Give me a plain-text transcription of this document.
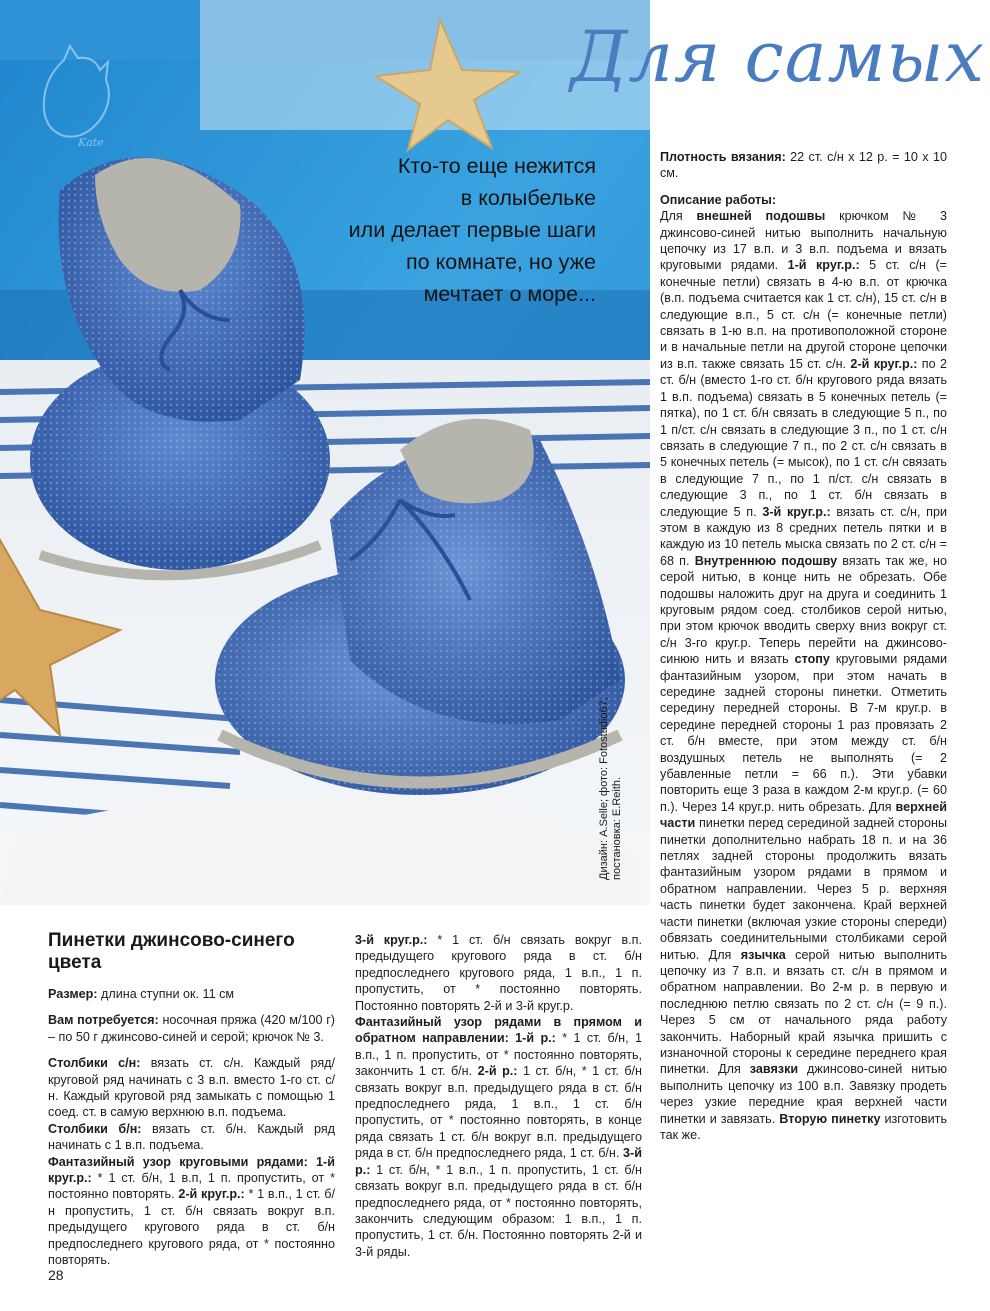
Kate
Для самых
Кто-то еще нежится
в колыбельке
или делает первые шаги
по комнате, но уже
мечтает о море...
Дизайн: A.Selle; фото: Fotostudio67; постановка: E.Reith.

Пинетки джинсово-синего цвета

Размер: длина ступни ок. 11 см

Вам потребуется: носочная пряжа (420 м/100 г) – по 50 г джинсово-синей и серой; крючок № 3.

Столбики с/н: вязать ст. с/н. Каждый ряд/круговой ряд начинать с 3 в.п. вместо 1-го ст. с/н. Каждый круговой ряд замыкать с помощью 1 соед. ст. в самую верхнюю в.п. подъема.

Столбики б/н: вязать ст. б/н. Каждый ряд начинать с 1 в.п. подъема.

Фантазийный узор круговыми рядами: 1-й круг.р.: * 1 ст. б/н, 1 в.п, 1 п. пропустить, от * постоянно повторять. 2-й круг.р.: * 1 в.п., 1 ст. б/н пропустить, 1 ст. б/н связать вокруг в.п. предыдущего кругового ряда в ст. б/н предпоследнего кругового ряда, от * постоянно повторять.

3-й круг.р.: * 1 ст. б/н связать вокруг в.п. предыдущего кругового ряда в ст. б/н предпоследнего кругового ряда, 1 в.п., 1 п. пропустить, от * постоянно повторять. Постоянно повторять 2-й и 3-й круг.р.

Фантазийный узор рядами в прямом и обратном направлении: 1-й р.: * 1 ст. б/н, 1 в.п., 1 п. пропустить, от * постоянно повторять, закончить 1 ст. б/н. 2-й р.: 1 ст. б/н, * 1 ст. б/н связать вокруг в.п. предыдущего ряда в ст. б/н предпоследнего ряда, 1 в.п., 1 ст. б/н пропустить, от * постоянно повторять, в конце ряда связать 1 ст. б/н вокруг в.п. предыдущего ряда в ст. б/н предпоследнего ряда, 1 ст. б/н. 3-й р.: 1 ст. б/н, * 1 в.п., 1 п. пропустить, 1 ст. б/н связать вокруг в.п. предыдущего ряда в ст. б/н предпоследнего ряда, от * постоянно повторять, закончить следующим образом: 1 в.п., 1 п. пропустить, 1 ст. б/н. Постоянно повторять 2-й и 3-й ряды.

Плотность вязания: 22 ст. с/н х 12 р. = 10 х 10 см.

Описание работы:

Для внешней подошвы крючком № 3 джинсово-синей нитью выполнить начальную цепочку из 17 в.п. и 3 в.п. подъема и вязать круговыми рядами. 1-й круг.р.: 5 ст. с/н (= конечные петли) связать в 4-ю в.п. от крючка (в.п. подъема считается как 1 ст. с/н), 15 ст. с/н в следующие в.п., 5 ст. с/н (= конечные петли) связать в 1-ю в.п. на противоположной стороне и в начальные петли на другой стороне цепочки из в.п. также связать 15 ст. с/н. 2-й круг.р.: по 2 ст. б/н (вместо 1-го ст. б/н кругового ряда вязать 1 в.п. подъема) связать в 5 конечных петель (= пятка), по 1 ст. б/н связать в следующие 5 п., по 1 п/ст. с/н связать в следующие 3 п., по 1 ст. с/н связать в следующие 7 п., по 2 ст. с/н связать в 5 конечных петель (= мысок), по 1 ст. с/н связать в следующие 7 п., по 1 п/ст. с/н связать в следующие 3 п., по 1 ст. б/н связать в следующие 5 п. 3-й круг.р.: вязать ст. с/н, при этом в каждую из 8 средних петель пятки и в каждую из 10 петель мыска связать по 2 ст. с/н = 68 п. Внутреннюю подошву вязать так же, но серой нитью, в конце нить не обрезать. Обе подошвы наложить друг на друга и соединить 1 круговым рядом соед. столбиков серой нитью, при этом крючок вводить сверху вниз вокруг ст. с/н 3-го круг.р. Теперь перейти на джинсово-синюю нить и вязать стопу круговыми рядами фантазийным узором, при этом начать в середине задней стороны пинетки. Отметить середину передней стороны. В 7-м круг.р. в середине передней стороны 1 раз провязать 2 ст. б/н вместе, при этом между ст. б/н воздушных петель не выполнять (= 2 убавленные петли = 66 п.). Эти убавки повторить еще 3 раза в каждом 2-м круг.р. (= 60 п.). Через 14 круг.р. нить обрезать. Для верхней части пинетки перед серединой задней стороны пинетки дополнительно набрать 18 п. и на 36 петлях задней стороны продолжить вязать фантазийным узором рядами в прямом и обратном направлении. Через 5 р. верхняя часть пинетки будет закончена. Край верхней части пинетки (включая узкие стороны спереди) обвязать соединительными столбиками серой нитью. Для язычка серой нитью выполнить цепочку из 7 в.п. и вязать ст. с/н в прямом и обратном направлении. Во 2-м р. в первую и последнюю петлю связать по 2 ст. с/н (= 9 п.). Через 5 см от начального ряда работу закончить. Наборный край язычка пришить с изнаночной стороны к середине переднего края пинетки. Для завязки джинсово-синей нитью выполнить цепочку из 100 в.п. Завязку продеть через узкие передние края верхней части пинетки и завязать. Вторую пинетку изготовить так же.

28
